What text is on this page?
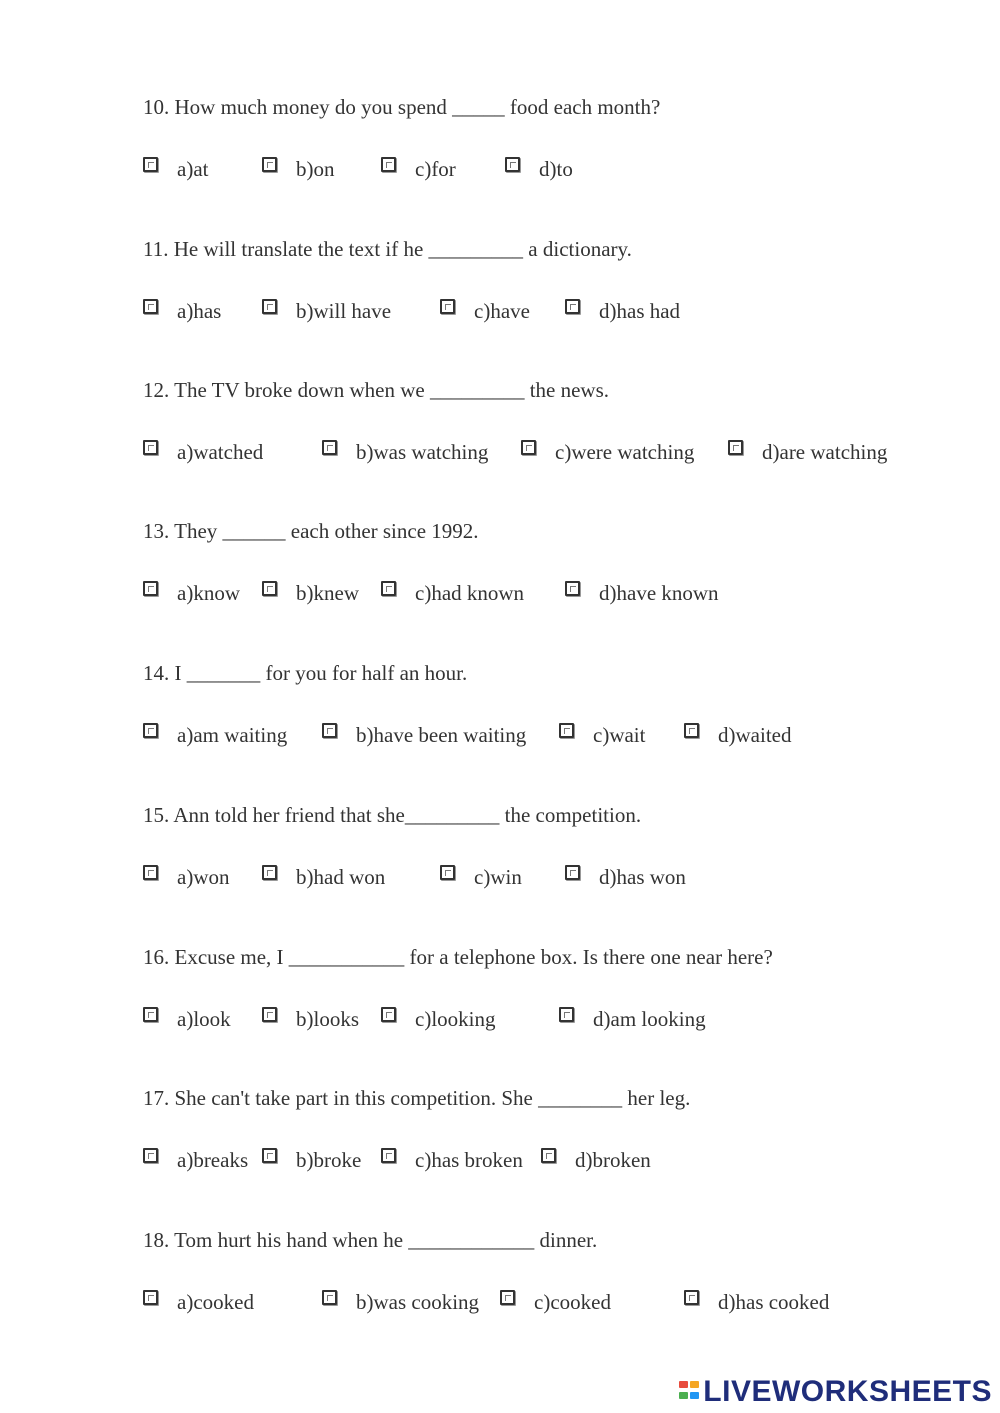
10. How much money do you spend _____ food each month?
a)at	b)on	c)for	d)to
11. He will translate the text if he _________ a dictionary.
a)has	b)will have	c)have	d)has had
12. The TV broke down when we _________ the news.
a)watched	b)was watching	c)were watching	d)are watching
13. They ______ each other since 1992.
a)know	b)knew	c)had known	d)have known
14. I _______ for you for half an hour.
a)am waiting	b)have been waiting	c)wait	d)waited
15. Ann told her friend that she_________ the competition.
a)won	b)had won	c)win	d)has won
16. Excuse me, I ___________ for a telephone box. Is there one near here?
a)look	b)looks	c)looking	d)am looking
17. She can't take part in this competition. She ________ her leg.
a)breaks b)broke	c)has broken d)broken
18. Tom hurt his hand when he ____________ dinner.
a)cooked	b)was cooking	c)cooked	d)has cooked
LIVEWORKSHEETS
